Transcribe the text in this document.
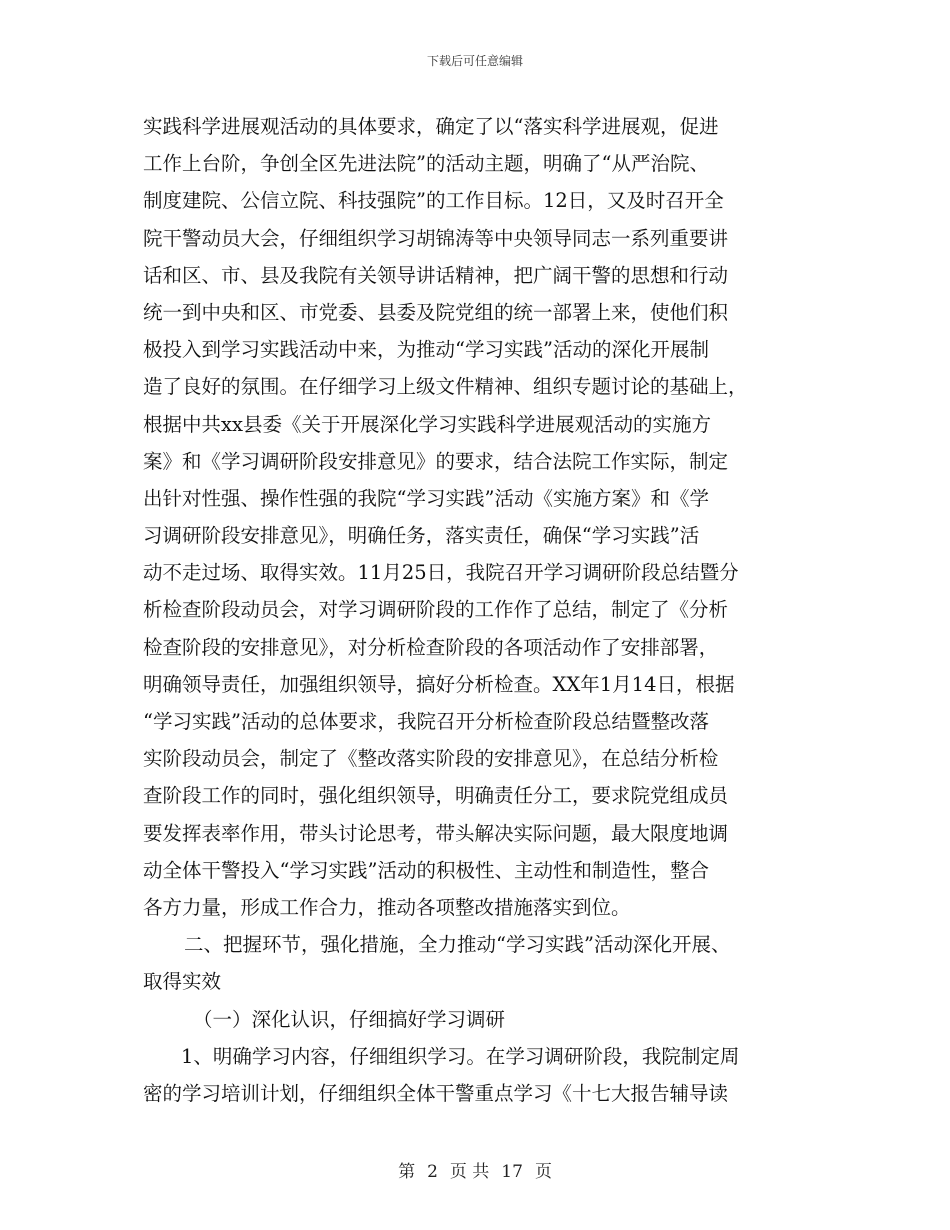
下载后可任意编辑
实践科学进展观活动的具体要求，确定了以“落实科学进展观，促进
工作上台阶，争创全区先进法院”的活动主题，明确了“从严治院、
制度建院、公信立院、科技强院”的工作目标。12日，又及时召开全
院干警动员大会，仔细组织学习胡锦涛等中央领导同志一系列重要讲
话和区、市、县及我院有关领导讲话精神，把广阔干警的思想和行动
统一到中央和区、市党委、县委及院党组的统一部署上来，使他们积
极投入到学习实践活动中来，为推动“学习实践”活动的深化开展制
造了良好的氛围。在仔细学习上级文件精神、组织专题讨论的基础上，
根据中共xx县委《关于开展深化学习实践科学进展观活动的实施方
案》和《学习调研阶段安排意见》的要求，结合法院工作实际，制定
出针对性强、操作性强的我院“学习实践”活动《实施方案》和《学
习调研阶段安排意见》，明确任务，落实责任，确保“学习实践”活
动不走过场、取得实效。11月25日，我院召开学习调研阶段总结暨分
析检查阶段动员会，对学习调研阶段的工作作了总结，制定了《分析
检查阶段的安排意见》，对分析检查阶段的各项活动作了安排部署，
明确领导责任，加强组织领导，搞好分析检查。XX年1月14日，根据
“学习实践”活动的总体要求，我院召开分析检查阶段总结暨整改落
实阶段动员会，制定了《整改落实阶段的安排意见》，在总结分析检
查阶段工作的同时，强化组织领导，明确责任分工，要求院党组成员
要发挥表率作用，带头讨论思考，带头解决实际问题，最大限度地调
动全体干警投入“学习实践”活动的积极性、主动性和制造性，整合
各方力量，形成工作合力，推动各项整改措施落实到位。
二、把握环节，强化措施，全力推动“学习实践”活动深化开展、
取得实效
（一）深化认识，仔细搞好学习调研
1、明确学习内容，仔细组织学习。在学习调研阶段，我院制定周
密的学习培训计划，仔细组织全体干警重点学习《十七大报告辅导读
第 2 页 共 17 页
